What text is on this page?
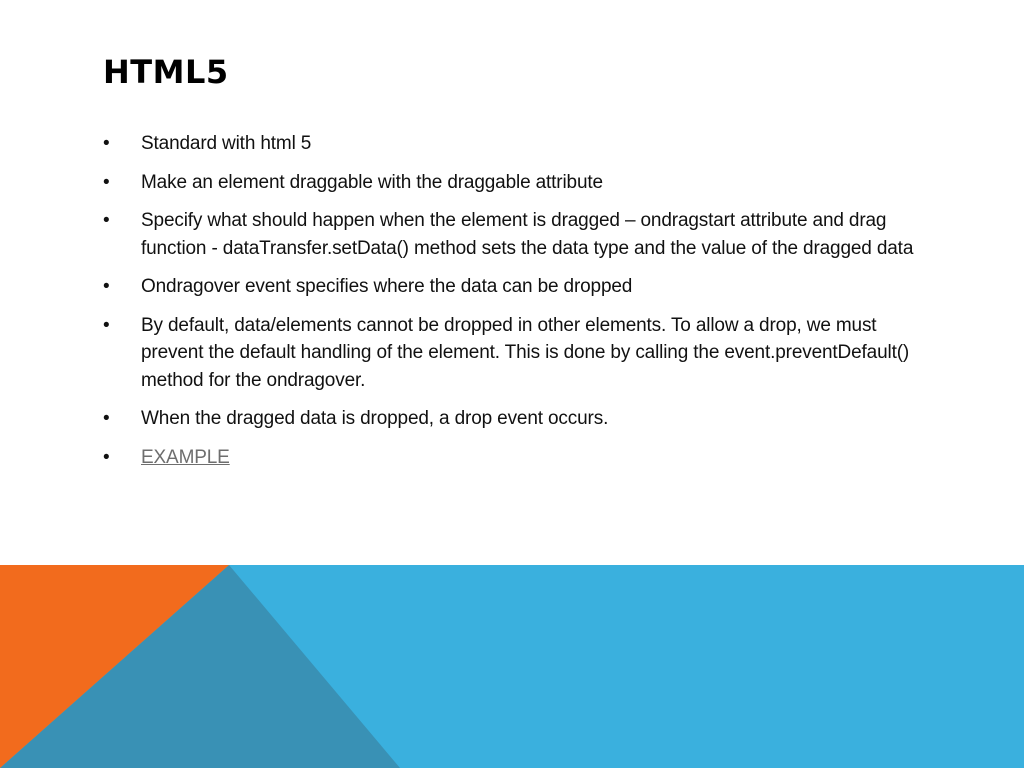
HTML5
•	Standard with html 5
•	Make an element draggable with the draggable attribute
•	Specify what should happen when the element is dragged – ondragstart attribute and drag function - dataTransfer.setData() method sets the data type and the value of the dragged data
•	Ondragover event specifies where the data can be dropped
•	By default, data/elements cannot be dropped in other elements. To allow a drop, we must prevent the default handling of the element. This is done by calling the event.preventDefault() method for the ondragover.
•	When the dragged data is dropped, a drop event occurs.
•	EXAMPLE
